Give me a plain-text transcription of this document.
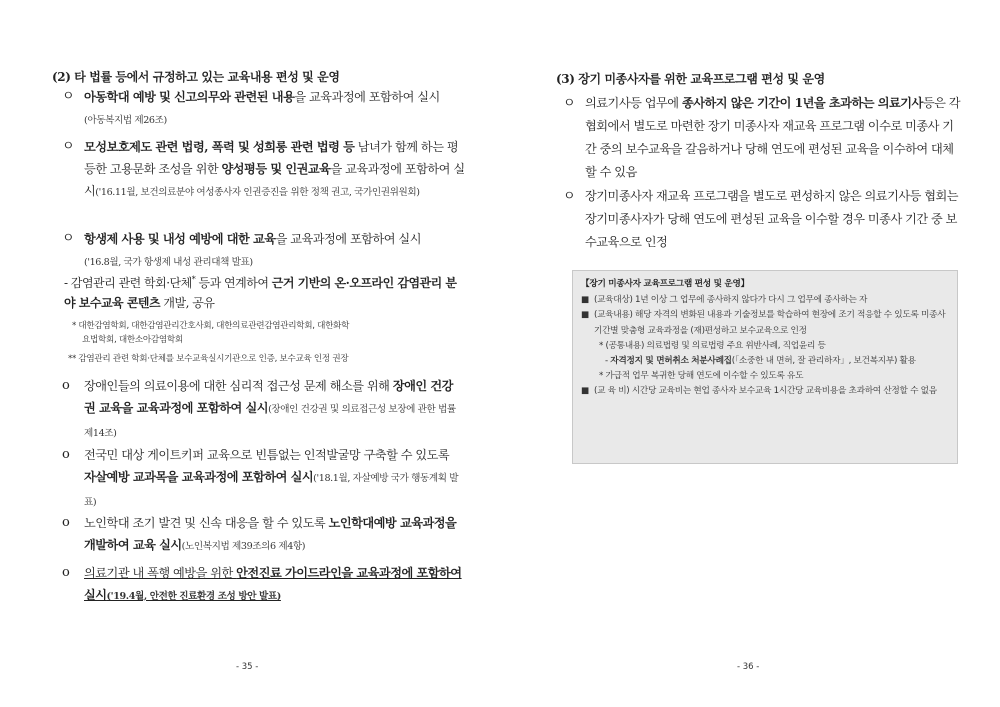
(2) 타 법률 등에서 규정하고 있는 교육내용 편성 및 운영
ㅇ 아동학대 예방 및 신고의무와 관련된 내용을 교육과정에 포함하여 실시
(아동복지법 제26조)
ㅇ 모성보호제도 관련 법령, 폭력 및 성희롱 관련 법령 등 남녀가 함께 하는 평등한 고용문화 조성을 위한 양성평등 및 인권교육을 교육과정에 포함하여 실시('16.11월, 보건의료분야 여성종사자 인권증진을 위한 정책 권고, 국가인권위원회)
ㅇ 항생제 사용 및 내성 예방에 대한 교육을 교육과정에 포함하여 실시
('16.8월, 국가 항생제 내성 관리대책 발표)
- 감염관리 관련 학회·단체* 등과 연계하여 근거 기반의 온·오프라인 감염관리 분야 보수교육 콘텐츠 개발, 공유
* 대한감염학회, 대한감염관리간호사회, 대한의료관련감염관리학회, 대한화학
요법학회, 대한소아감염학회
** 감염관리 관련 학회·단체를 보수교육실시기관으로 인증, 보수교육 인정 권장
o 장애인들의 의료이용에 대한 심리적 접근성 문제 해소를 위해 장애인 건강권 교육을 교육과정에 포함하여 실시(장애인 건강권 및 의료접근성 보장에 관한 법률 제14조)
o 전국민 대상 게이트키퍼 교육으로 빈틈없는 인적발굴망 구축할 수 있도록 자살예방 교과목을 교육과정에 포함하여 실시('18.1월, 자살예방 국가 행동계획 발표)
o 노인학대 조기 발견 및 신속 대응을 할 수 있도록 노인학대예방 교육과정을 개발하여 교육 실시(노인복지법 제39조의6 제4항)
o 의료기관 내 폭행 예방을 위한 안전진료 가이드라인을 교육과정에 포함하여 실시('19.4월, 안전한 진료환경 조성 방안 발표)
- 35 -
(3) 장기 미종사자를 위한 교육프로그램 편성 및 운영
ㅇ 의료기사등 업무에 종사하지 않은 기간이 1년을 초과하는 의료기사등은 각 협회에서 별도로 마련한 장기 미종사자 재교육 프로그램 이수로 미종사 기간 중의 보수교육을 갈음하거나 당해 연도에 편성된 교육을 이수하여 대체할 수 있음
ㅇ 장기미종사자 재교육 프로그램을 별도로 편성하지 않은 의료기사등 협회는 장기미종사자가 당해 연도에 편성된 교육을 이수할 경우 미종사 기간 중 보수교육으로 인정
【장기 미종사자 교육프로그램 편성 및 운영】
■ (교육대상) 1년 이상 그 업무에 종사하지 않다가 다시 그 업무에 종사하는 자
■ (교육내용) 해당 자격의 변화된 내용과 기술정보를 학습하여 현장에 조기 적응할 수 있도록 미종사 기간별 맞춤형 교육과정을 (재)편성하고 보수교육으로 인정
* (공통내용) 의료법령 및 의료법령 주요 위반사례, 직업윤리 등
- 자격정지 및 면허취소 처분사례집(「소중한 내 면허, 잘 관리하자」, 보건복지부) 활용
* 가급적 업무 복귀한 당해 연도에 이수할 수 있도록 유도
■ (교 육 비) 시간당 교육비는 현업 종사자 보수교육 1시간당 교육비용을 초과하여 산정할 수 없음
- 36 -
